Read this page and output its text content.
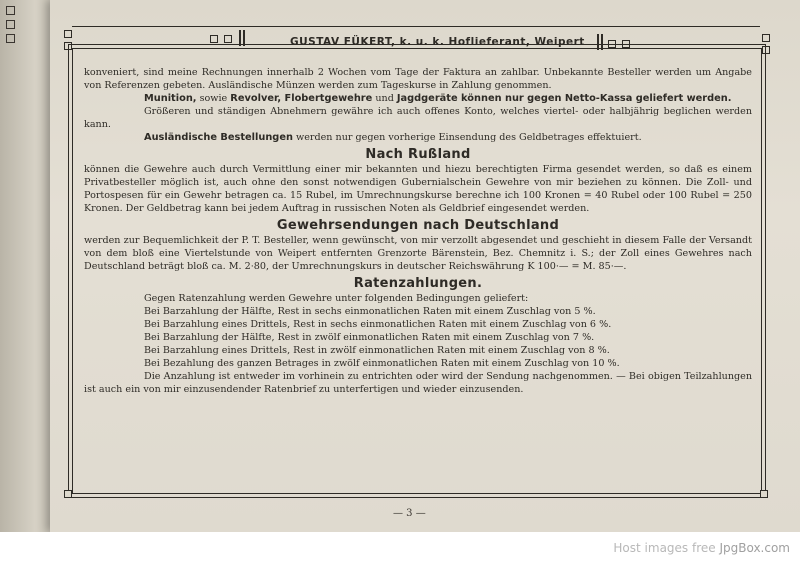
GUSTAV FÜKERT, k. u. k. Hoflieferant, Weipert

konveniert, sind meine Rechnungen innerhalb 2 Wochen vom Tage der Faktura an zahlbar. Unbekannte Besteller werden um Angabe von Referenzen gebeten. Ausländische Münzen werden zum Tageskurse in Zahlung genommen.

Munition, sowie Revolver, Flobertgewehre und Jagdgeräte können nur gegen Netto-Kassa geliefert werden.

Größeren und ständigen Abnehmern gewähre ich auch offenes Konto, welches viertel- oder halbjährig beglichen werden kann.

Ausländische Bestellungen werden nur gegen vorherige Einsendung des Geldbetrages effektuiert.

Nach Rußland

können die Gewehre auch durch Vermittlung einer mir bekannten und hiezu berechtigten Firma gesendet werden, so daß es einem Privatbesteller möglich ist, auch ohne den sonst notwendigen Gubernialschein Gewehre von mir beziehen zu können. Die Zoll- und Portospesen für ein Gewehr betragen ca. 15 Rubel, im Umrechnungskurse berechne ich 100 Kronen = 40 Rubel oder 100 Rubel = 250 Kronen. Der Geldbetrag kann bei jedem Auftrag in russischen Noten als Geldbrief eingesendet werden.

Gewehrsendungen nach Deutschland

werden zur Bequemlichkeit der P. T. Besteller, wenn gewünscht, von mir verzollt abgesendet und geschieht in diesem Falle der Versandt von dem bloß eine Viertelstunde von Weipert entfernten Grenzorte Bärenstein, Bez. Chemnitz i. S.; der Zoll eines Gewehres nach Deutschland beträgt bloß ca. M. 2·80, der Umrechnungskurs in deutscher Reichswährung K 100·— = M. 85·—.

Ratenzahlungen.

Gegen Ratenzahlung werden Gewehre unter folgenden Bedingungen geliefert:

Bei Barzahlung der Hälfte, Rest in sechs einmonatlichen Raten mit einem Zuschlag von 5 %.

Bei Barzahlung eines Drittels, Rest in sechs einmonatlichen Raten mit einem Zuschlag von 6 %.

Bei Barzahlung der Hälfte, Rest in zwölf einmonatlichen Raten mit einem Zuschlag von 7 %.

Bei Barzahlung eines Drittels, Rest in zwölf einmonatlichen Raten mit einem Zuschlag von 8 %.

Bei Bezahlung des ganzen Betrages in zwölf einmonatlichen Raten mit einem Zuschlag von 10 %.

Die Anzahlung ist entweder im vorhinein zu entrichten oder wird der Sendung nachgenommen. — Bei obigen Teilzahlungen ist auch ein von mir einzusendender Ratenbrief zu unterfertigen und wieder einzusenden.

— 3 —
Host images free JpgBox.com
